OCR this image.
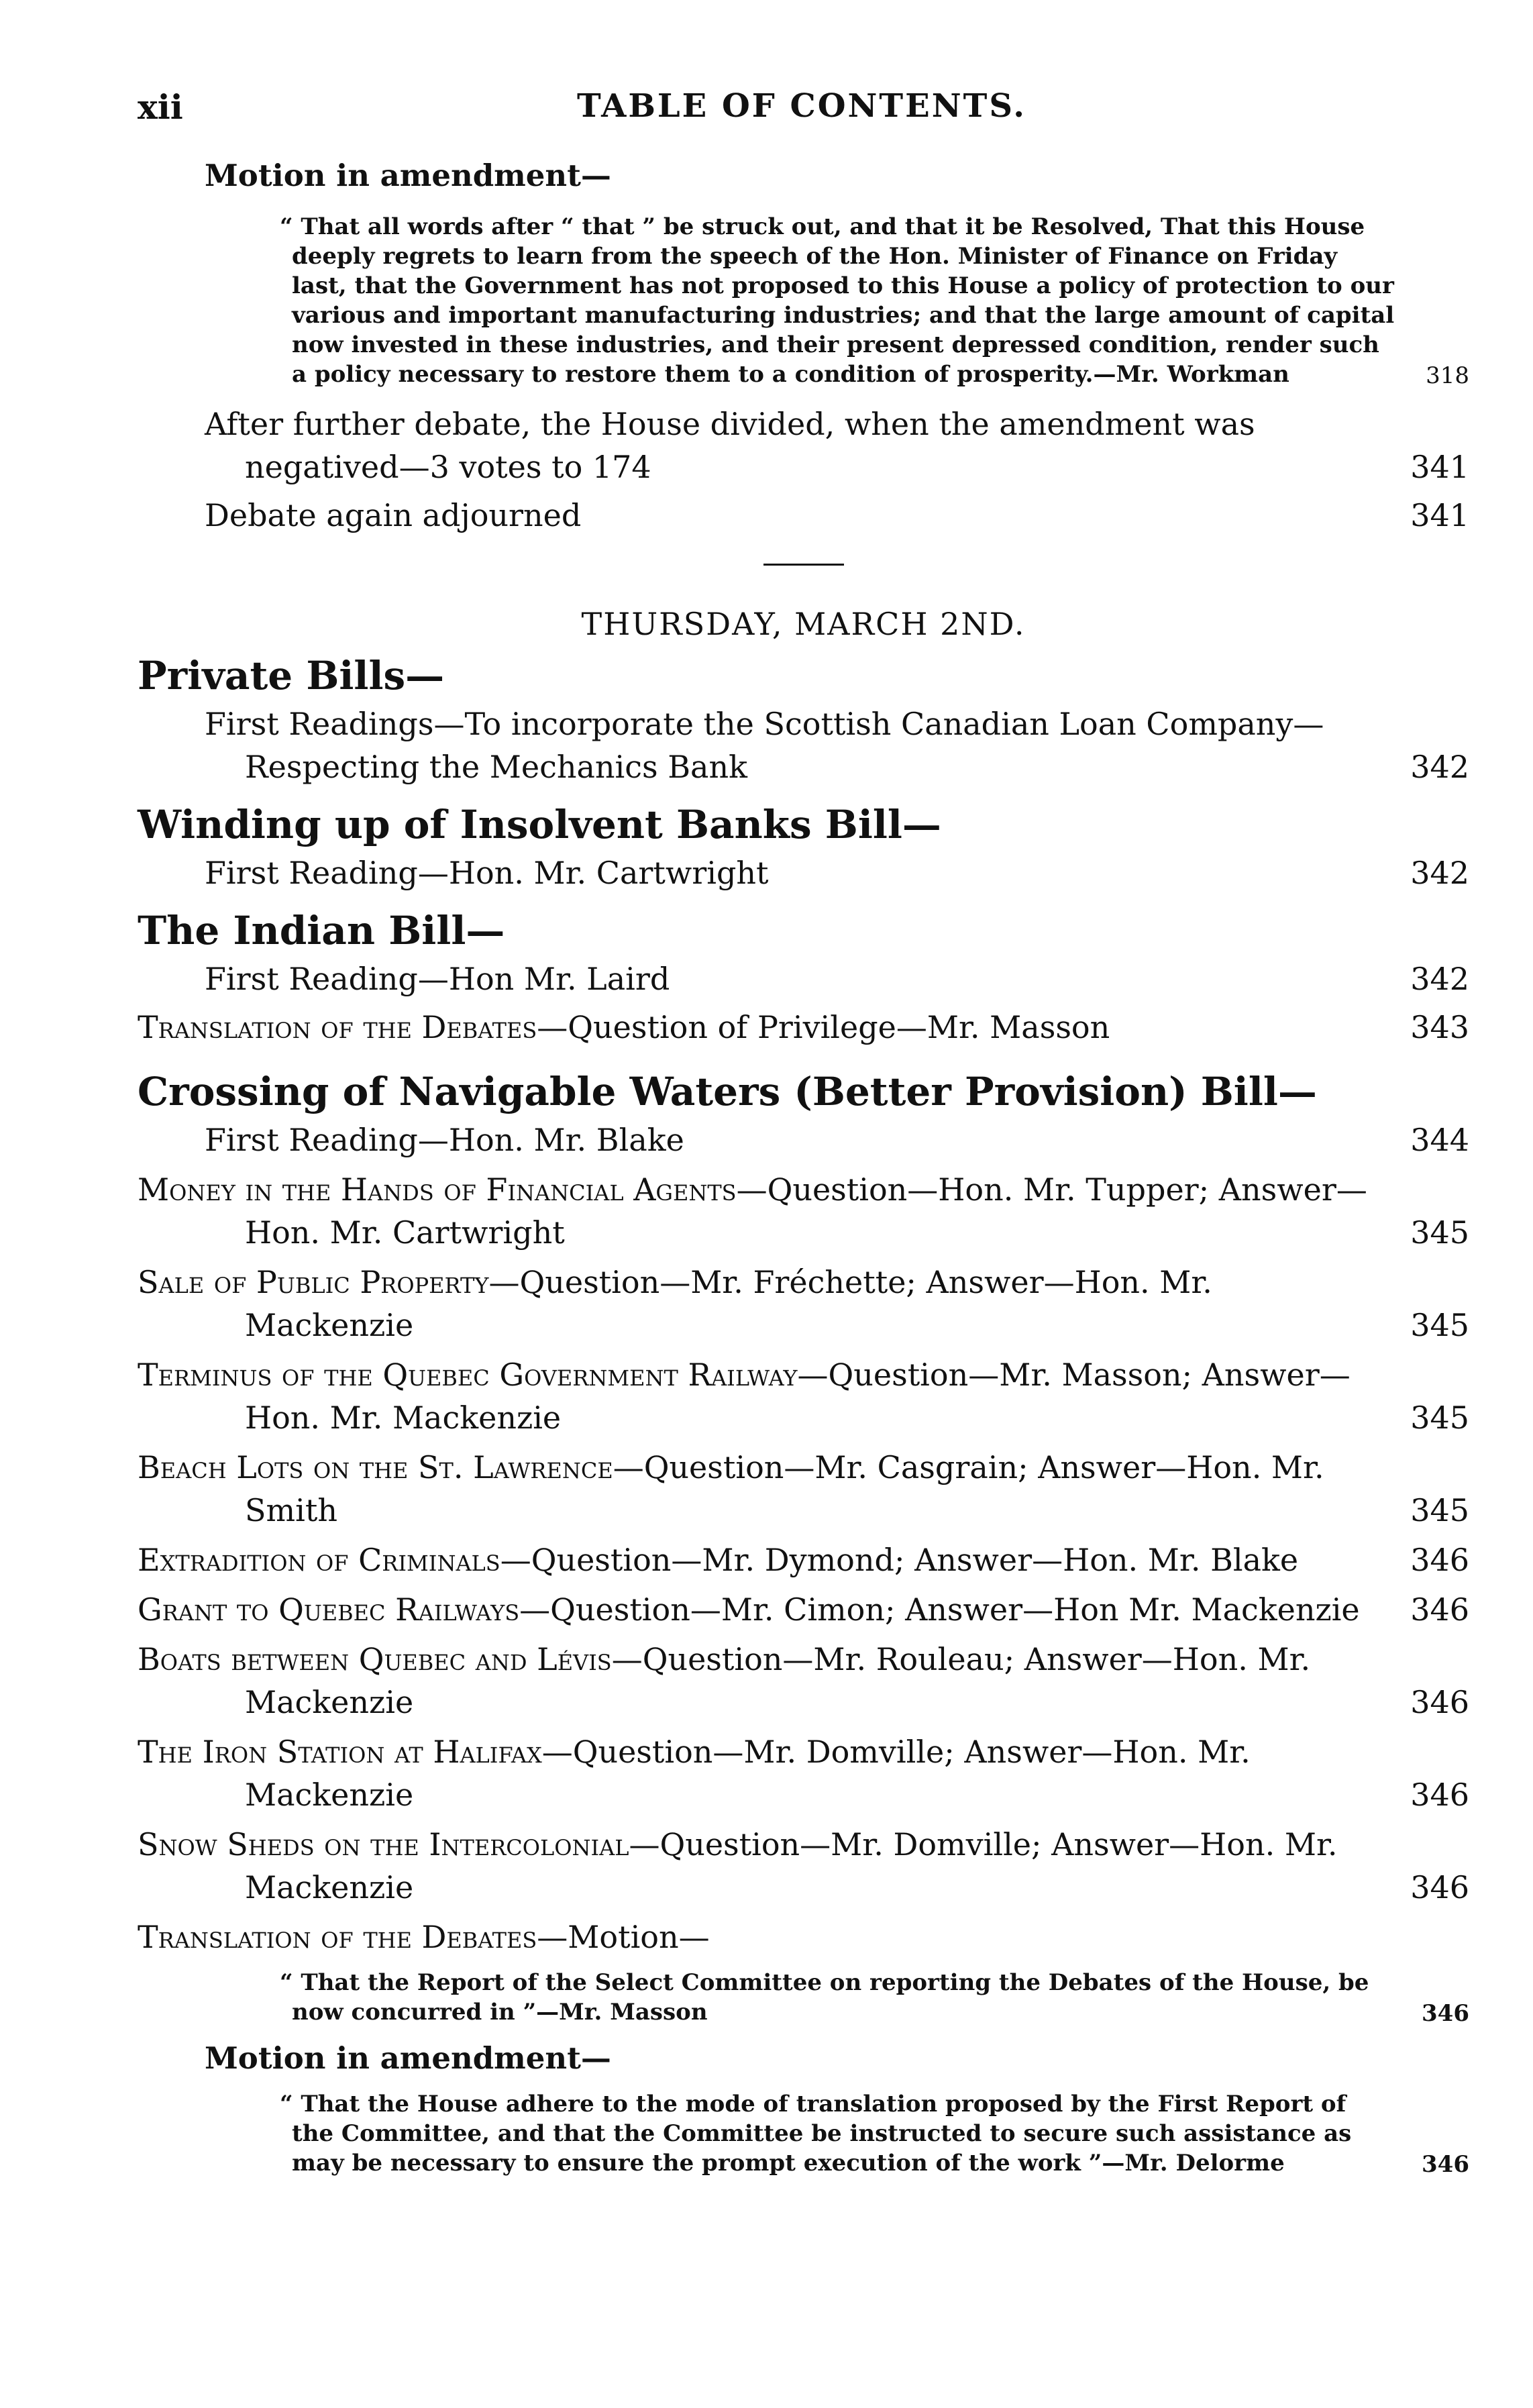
xii	TABLE OF CONTENTS.
Motion in amendment—
“ That all words after “ that ” be struck out, and that it be Resolved, That this House deeply regrets to learn from the speech of the Hon. Minister of Finance on Friday last, that the Government has not proposed to this House a policy of protection to our various and important manufacturing industries; and that the large amount of capital now invested in these industries, and their present depressed condition, render such a policy necessary to restore them to a condition of prosperity.—Mr. Workman	318
After further debate, the House divided, when the amendment was negatived—3 votes to 174	341
Debate again adjourned	341
THURSDAY, MARCH 2ND.
Private Bills—
First Readings—To incorporate the Scottish Canadian Loan Company—Respecting the Mechanics Bank	342
Winding up of Insolvent Banks Bill—
First Reading—Hon. Mr. Cartwright	342
The Indian Bill—
First Reading—Hon Mr. Laird	342
Translation of the Debates—Question of Privilege—Mr. Masson	343
Crossing of Navigable Waters (Better Provision) Bill—
First Reading—Hon. Mr. Blake	344
Money in the Hands of Financial Agents—Question—Hon. Mr. Tupper; Answer—Hon. Mr. Cartwright	345
Sale of Public Property—Question—Mr. Fréchette; Answer—Hon. Mr. Mackenzie	345
Terminus of the Quebec Government Railway—Question—Mr. Masson; Answer—Hon. Mr. Mackenzie	345
Beach Lots on the St. Lawrence—Question—Mr. Casgrain; Answer—Hon. Mr. Smith	345
Extradition of Criminals—Question—Mr. Dymond; Answer—Hon. Mr. Blake	346
Grant to Quebec Railways—Question—Mr. Cimon; Answer—Hon Mr. Mackenzie 346
Boats between Quebec and Lévis—Question—Mr. Rouleau; Answer—Hon. Mr. Mackenzie	346
The Iron Station at Halifax—Question—Mr. Domville; Answer—Hon. Mr. Mackenzie	346
Snow Sheds on the Intercolonial—Question—Mr. Domville; Answer—Hon. Mr. Mackenzie	346
Translation of the Debates—Motion—
“ That the Report of the Select Committee on reporting the Debates of the House, be now concurred in ”—Mr. Masson	346
Motion in amendment—
“ That the House adhere to the mode of translation proposed by the First Report of the Committee, and that the Committee be instructed to secure such assistance as may be necessary to ensure the prompt execution of the work ”—Mr. Delorme	346
